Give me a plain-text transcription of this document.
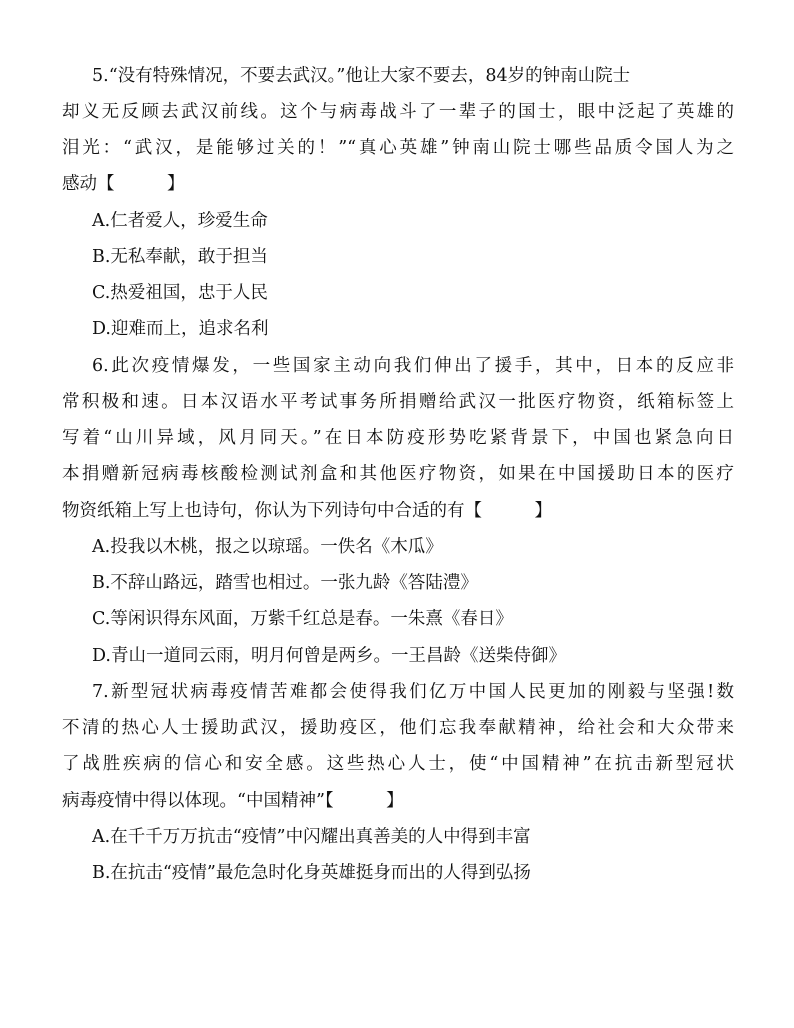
5.“没有特殊情况，不要去武汉。”他让大家不要去，84岁的钟南山院士
却义无反顾去武汉前线。这个与病毒战斗了一辈子的国士，眼中泛起了英雄的
泪光：“武汉，是能够过关的！”“真心英雄”钟南山院士哪些品质令国人为之
感动【　　　】
A.仁者爱人，珍爱生命
B.无私奉献，敢于担当
C.热爱祖国，忠于人民
D.迎难而上，追求名利
6.此次疫情爆发，一些国家主动向我们伸出了援手，其中，日本的反应非
常积极和速。日本汉语水平考试事务所捐赠给武汉一批医疗物资，纸箱标签上
写着“山川异域，风月同天。”在日本防疫形势吃紧背景下，中国也紧急向日
本捐赠新冠病毒核酸检测试剂盒和其他医疗物资，如果在中国援助日本的医疗
物资纸箱上写上也诗句，你认为下列诗句中合适的有【　　　】
A.投我以木桃，报之以琼瑶。一佚名《木瓜》
B.不辞山路远，踏雪也相过。一张九龄《答陆澧》
C.等闲识得东风面，万紫千红总是春。一朱熹《春日》
D.青山一道同云雨，明月何曾是两乡。一王昌龄《送柴侍御》
7.新型冠状病毒疫情苦难都会使得我们亿万中国人民更加的刚毅与坚强!数
不清的热心人士援助武汉，援助疫区，他们忘我奉献精神，给社会和大众带来
了战胜疾病的信心和安全感。这些热心人士，使“中国精神”在抗击新型冠状
病毒疫情中得以体现。“中国精神”【　　　】
A.在千千万万抗击“疫情”中闪耀出真善美的人中得到丰富
B.在抗击“疫情”最危急时化身英雄挺身而出的人得到弘扬
